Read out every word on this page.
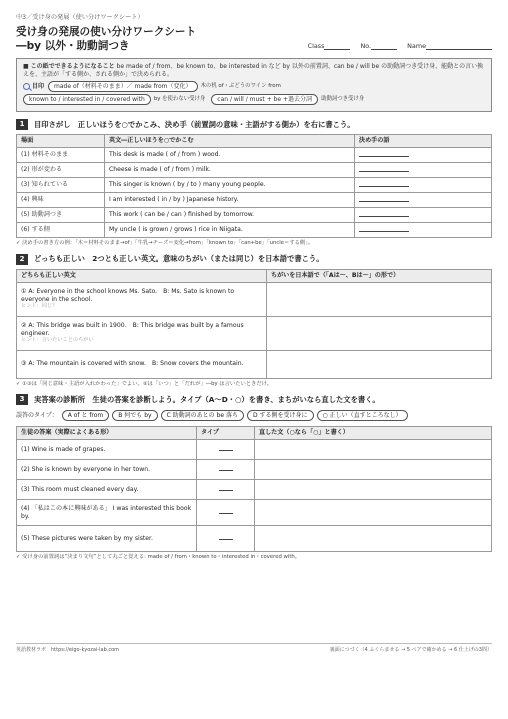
中3／受け身の発展（使い分けワークシート）
受け身の発展の使い分けワークシート
―by 以外・助動詞つき	Class	No.	Name

■ この紙でできるようになること be made of / from、be known to、be interested in など by 以外の前置詞、can be / will be の助動詞つき受け身、能動との言い換えを、主語が「する側か、される側か」で決められる。

目印	made of（材料そのまま）／ made from（変化）	木の机 of・ぶどうのワイン from
known to / interested in / covered with	by を使わない受け身	can / will / must + be +過去分詞	助動詞つき受け身
1	目印さがし　正しいほうを○でかこみ、決め手（前置詞の意味・主語がする側か）を右に書こう。
場面	英文―正しいほうを○でかこむ	決め手の語
(1) 材料そのまま	This desk is made ( of / from ) wood.	
(2) 形が変わる	Cheese is made ( of / from ) milk.	
(3) 知られている	This singer is known ( by / to ) many young people.	
(4) 興味	I am interested ( in / by ) Japanese history.	
(5) 助動詞つき	This work ( can be / can ) finished by tomorrow.	
(6) する側	My uncle ( is grown / grows ) rice in Niigata.	
✓ 決め手の書き方の例：「木＝材料そのまま→of」「牛乳→チーズ＝変化→from」「known to」「can+be」「uncle＝する側」。
2	どっちも正しい　2つとも正しい英文。意味のちがい（または同じ）を日本語で書こう。
どちらも正しい英文	ちがいを日本語で（「Aは～、Bは～」の形で）
① A: Everyone in the school knows Ms. Sato.　B: Ms. Sato is known to everyone in the school.
ヒント：同じ？	

② A: This bridge was built in 1900.　B: This bridge was built by a famous engineer.
ヒント：言いたいことのちがい	

③ A: The mountain is covered with snow.　B: Snow covers the mountain.	
✓ ①③は「同じ意味・主語が入れかわった」でよい。②は「いつ」と「だれが」―by は言いたいときだけ。
3	実答案の診断所　生徒の答案を診断しよう。タイプ（A～D・○）を書き、まちがいなら直した文を書く。
誤答のタイプ：	A of と from	B 何でも by	C 助動詞のあとの be 落ち	D する側を受け身に	○ 正しい（直すところなし）
生徒の答案（実際によくある形）	タイプ	直した文（○なら「○」と書く）
(1) Wine is made of grapes.		
(2) She is known by everyone in her town.		
(3) This room must cleaned every day.		
(4) 「私はこの本に興味がある」 I was interested this book by.		
(5) These pictures were taken by my sister.		
✓ 受け身の前置詞は“決まり文句”として丸ごと覚える: made of / from・known to・interested in・covered with。
英語教材ラボ　https://eigo-kyozai-lab.com	裏面につづく（4 ふくらませる → 5 ペアで確かめる → 6 仕上げの3問）
